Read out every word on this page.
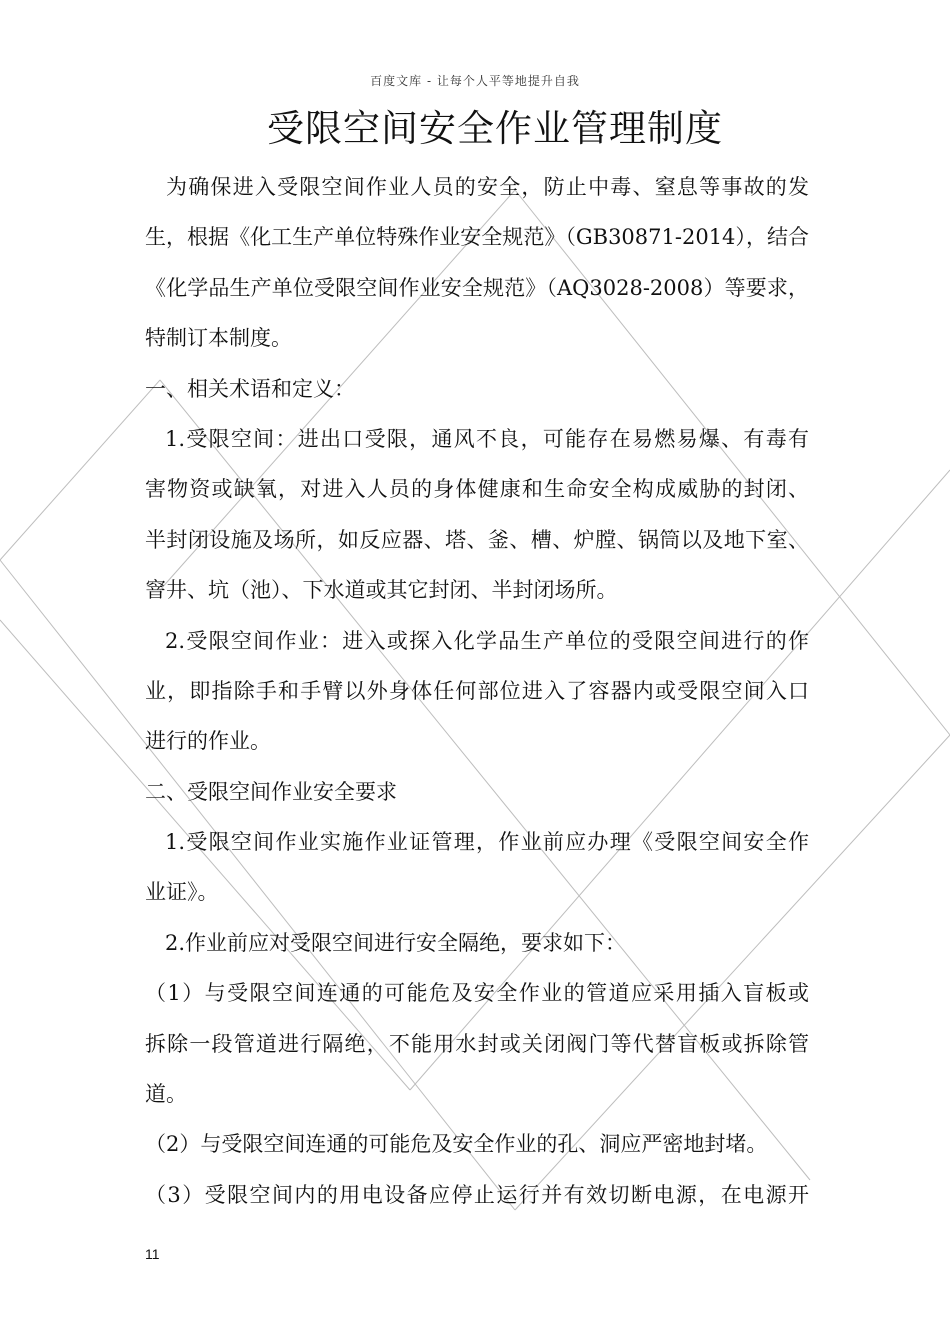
百度文库 - 让每个人平等地提升自我
受限空间安全作业管理制度
为确保进入受限空间作业人员的安全，防止中毒、窒息等事故的发
生，根据《化工生产单位特殊作业安全规范》（GB30871-2014），结合
《化学品生产单位受限空间作业安全规范》（AQ3028-2008）等要求，
特制订本制度。
一、相关术语和定义：
1.受限空间：进出口受限，通风不良，可能存在易燃易爆、有毒有
害物资或缺氧，对进入人员的身体健康和生命安全构成威胁的封闭、
半封闭设施及场所，如反应器、塔、釜、槽、炉膛、锅筒以及地下室、
窨井、坑（池）、下水道或其它封闭、半封闭场所。
2.受限空间作业：进入或探入化学品生产单位的受限空间进行的作
业，即指除手和手臂以外身体任何部位进入了容器内或受限空间入口
进行的作业。
二、受限空间作业安全要求
1.受限空间作业实施作业证管理，作业前应办理《受限空间安全作
业证》。
2.作业前应对受限空间进行安全隔绝，要求如下：
（1）与受限空间连通的可能危及安全作业的管道应采用插入盲板或
拆除一段管道进行隔绝，不能用水封或关闭阀门等代替盲板或拆除管
道。
（2）与受限空间连通的可能危及安全作业的孔、洞应严密地封堵。
（3）受限空间内的用电设备应停止运行并有效切断电源，在电源开
11
